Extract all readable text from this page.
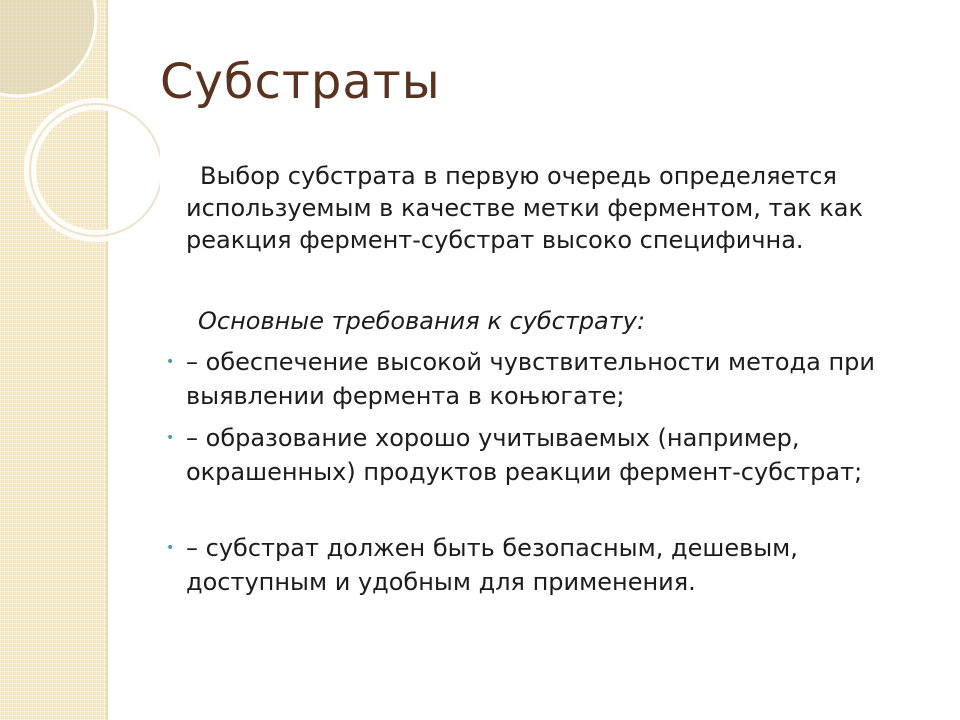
Субстраты

Выбор субстрата в первую очередь определяется используемым в качестве метки ферментом, так как реакция фермент-субстрат высоко специфична.

Основные требования к субстрату:

• – обеспечение высокой чувствительности метода при выявлении фермента в коњюгате;
• – образование хорошо учитываемых (например, окрашенных) продуктов реакции фермент-субстрат;
• – субстрат должен быть безопасным, дешевым, доступным и удобным для применения.
